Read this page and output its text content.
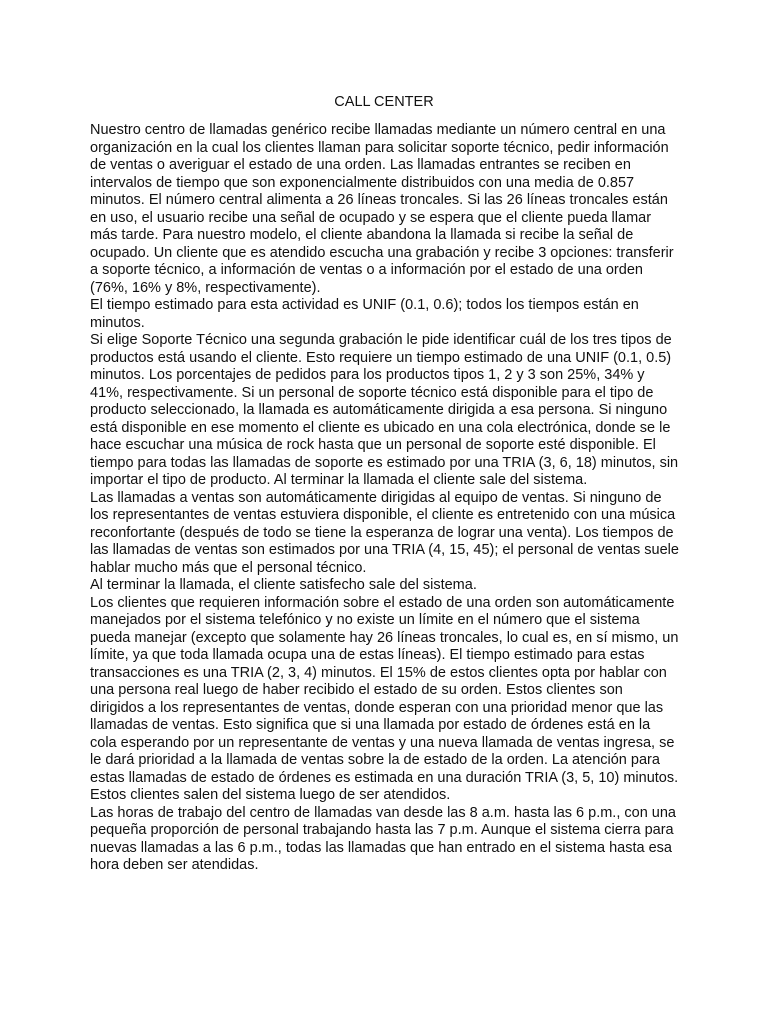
CALL CENTER

Nuestro centro de llamadas genérico recibe llamadas mediante un número central en una organización en la cual los clientes llaman para solicitar soporte técnico, pedir información de ventas o averiguar el estado de una orden. Las llamadas entrantes se reciben en intervalos de tiempo que son exponencialmente distribuidos con una media de 0.857 minutos. El número central alimenta a 26 líneas troncales. Si las 26 líneas troncales están en uso, el usuario recibe una señal de ocupado y se espera que el cliente pueda llamar más tarde. Para nuestro modelo, el cliente abandona la llamada si recibe la señal de ocupado. Un cliente que es atendido escucha una grabación y recibe 3 opciones: transferir a soporte técnico, a información de ventas o a información por el estado de una orden (76%, 16% y 8%, respectivamente).

El tiempo estimado para esta actividad es UNIF (0.1, 0.6); todos los tiempos están en minutos.

Si elige Soporte Técnico una segunda grabación le pide identificar cuál de los tres tipos de productos está usando el cliente. Esto requiere un tiempo estimado de una UNIF (0.1, 0.5) minutos. Los porcentajes de pedidos para los productos tipos 1, 2 y 3 son 25%, 34% y 41%, respectivamente. Si un personal de soporte técnico está disponible para el tipo de producto seleccionado, la llamada es automáticamente dirigida a esa persona. Si ninguno está disponible en ese momento el cliente es ubicado en una cola electrónica, donde se le hace escuchar una música de rock hasta que un personal de soporte esté disponible. El tiempo para todas las llamadas de soporte es estimado por una TRIA (3, 6, 18) minutos, sin importar el tipo de producto. Al terminar la llamada el cliente sale del sistema.

Las llamadas a ventas son automáticamente dirigidas al equipo de ventas. Si ninguno de los representantes de ventas estuviera disponible, el cliente es entretenido con una música reconfortante (después de todo se tiene la esperanza de lograr una venta). Los tiempos de las llamadas de ventas son estimados por una TRIA (4, 15, 45); el personal de ventas suele hablar mucho más que el personal técnico.

Al terminar la llamada, el cliente satisfecho sale del sistema.

Los clientes que requieren información sobre el estado de una orden son automáticamente manejados por el sistema telefónico y no existe un límite en el número que el sistema pueda manejar (excepto que solamente hay 26 líneas troncales, lo cual es, en sí mismo, un límite, ya que toda llamada ocupa una de estas líneas). El tiempo estimado para estas transacciones es una TRIA (2, 3, 4) minutos. El 15% de estos clientes opta por hablar con una persona real luego de haber recibido el estado de su orden. Estos clientes son dirigidos a los representantes de ventas, donde esperan con una prioridad menor que las llamadas de ventas. Esto significa que si una llamada por estado de órdenes está en la cola esperando por un representante de ventas y una nueva llamada de ventas ingresa, se le dará prioridad a la llamada de ventas sobre la de estado de la orden. La atención para estas llamadas de estado de órdenes es estimada en una duración TRIA (3, 5, 10) minutos. Estos clientes salen del sistema luego de ser atendidos.

Las horas de trabajo del centro de llamadas van desde las 8 a.m. hasta las 6 p.m., con una pequeña proporción de personal trabajando hasta las 7 p.m. Aunque el sistema cierra para nuevas llamadas a las 6 p.m., todas las llamadas que han entrado en el sistema hasta esa hora deben ser atendidas.
